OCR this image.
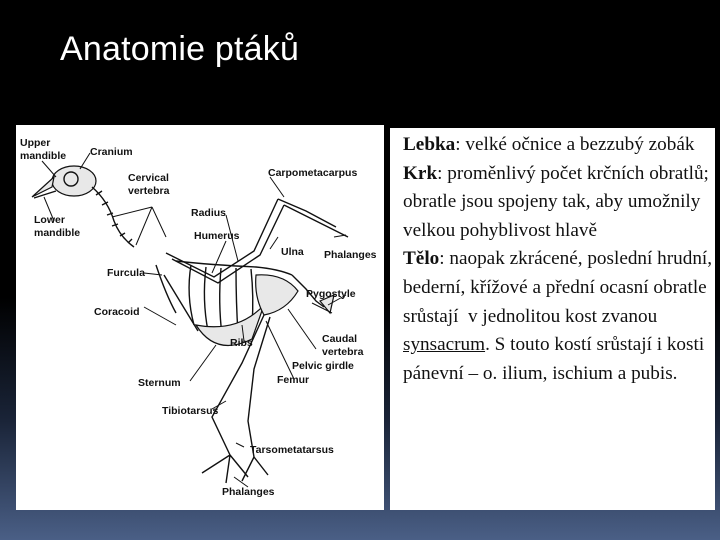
Anatomie ptáků
Upper
mandible Cranium
Cervical
vertebra
Carpometacarpus
Lower
mandible
Radius
Humerus
Ulna Phalanges
Furcula
Pygostyle
Coracoid
Caudal
vertebra
Ribs
Pelvic girdle
Sternum	Femur
Tibiotarsus
Tarsometatarsus
Phalanges
Lebka: velké očnice a bezzubý zobák
Krk: proměnlivý počet krčních obratlů; obratle jsou spojeny tak, aby umožnily velkou pohyblivost hlavě
Tělo: naopak zkrácené, poslední hrudní, bederní, křížové a přední ocasní obratle srůstají  v jednolitou kost zvanou  synsacrum. S touto kostí srůstají i kosti pánevní – o. ilium, ischium a pubis.
